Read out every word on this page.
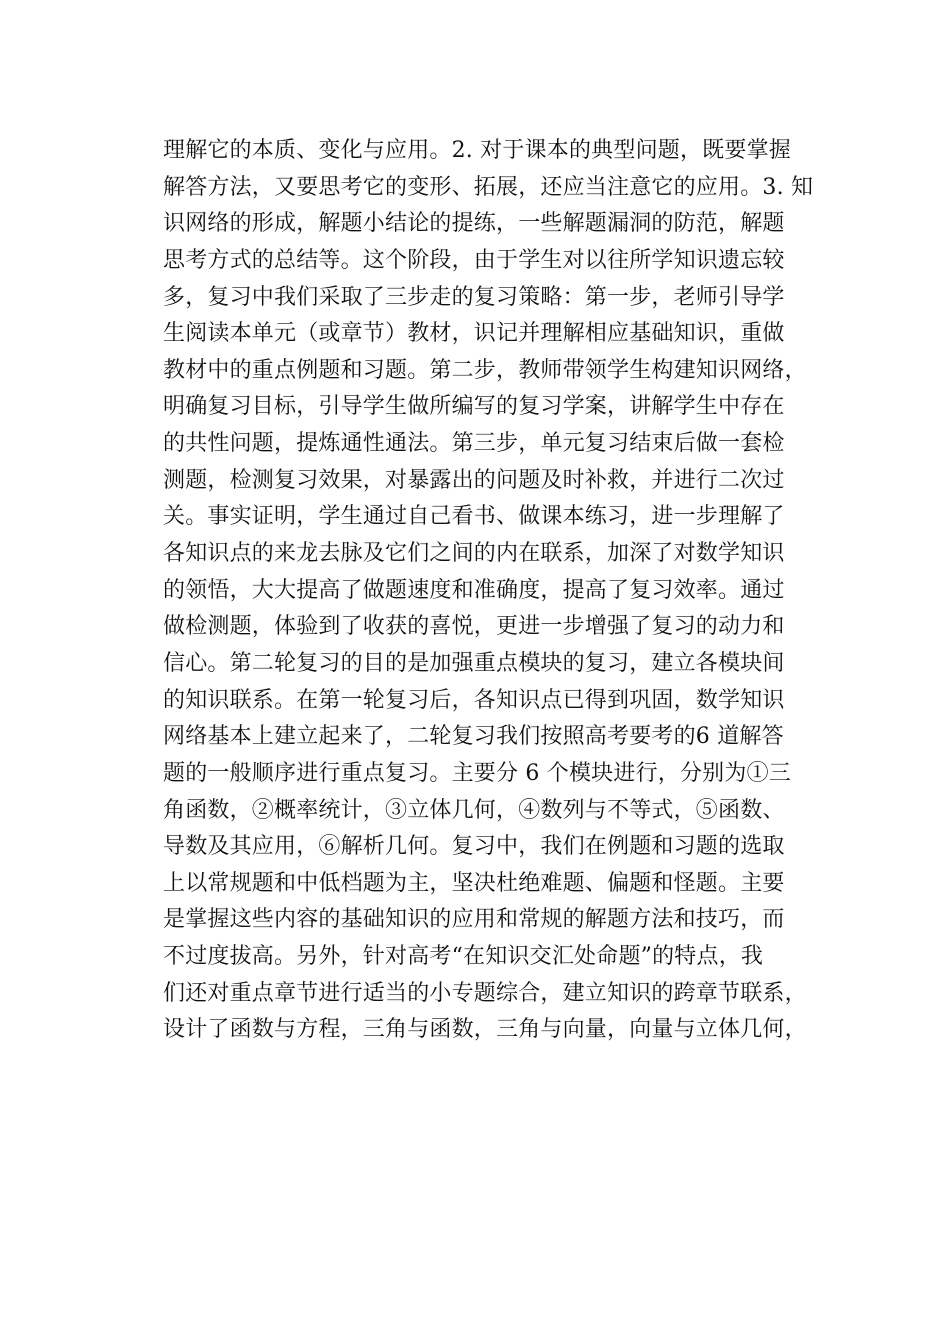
理解它的本质、变化与应用。2. 对于课本的典型问题，既要掌握
解答方法，又要思考它的变形、拓展，还应当注意它的应用。3. 知
识网络的形成，解题小结论的提练，一些解题漏洞的防范，解题
思考方式的总结等。这个阶段，由于学生对以往所学知识遗忘较
多，复习中我们采取了三步走的复习策略：第一步，老师引导学
生阅读本单元（或章节）教材，识记并理解相应基础知识，重做
教材中的重点例题和习题。第二步，教师带领学生构建知识网络，
明确复习目标，引导学生做所编写的复习学案，讲解学生中存在
的共性问题，提炼通性通法。第三步，单元复习结束后做一套检
测题，检测复习效果，对暴露出的问题及时补救，并进行二次过
关。事实证明，学生通过自己看书、做课本练习，进一步理解了
各知识点的来龙去脉及它们之间的内在联系，加深了对数学知识
的领悟，大大提高了做题速度和准确度，提高了复习效率。通过
做检测题，体验到了收获的喜悦，更进一步增强了复习的动力和
信心。第二轮复习的目的是加强重点模块的复习，建立各模块间
的知识联系。在第一轮复习后，各知识点已得到巩固，数学知识
网络基本上建立起来了，二轮复习我们按照高考要考的6 道解答
题的一般顺序进行重点复习。主要分 6 个模块进行，分别为①三
角函数，②概率统计，③立体几何，④数列与不等式，⑤函数、
导数及其应用，⑥解析几何。复习中，我们在例题和习题的选取
上以常规题和中低档题为主，坚决杜绝难题、偏题和怪题。主要
是掌握这些内容的基础知识的应用和常规的解题方法和技巧，而
不过度拔高。另外，针对高考“在知识交汇处命题”的特点，我
们还对重点章节进行适当的小专题综合，建立知识的跨章节联系，
设计了函数与方程，三角与函数，三角与向量，向量与立体几何，
